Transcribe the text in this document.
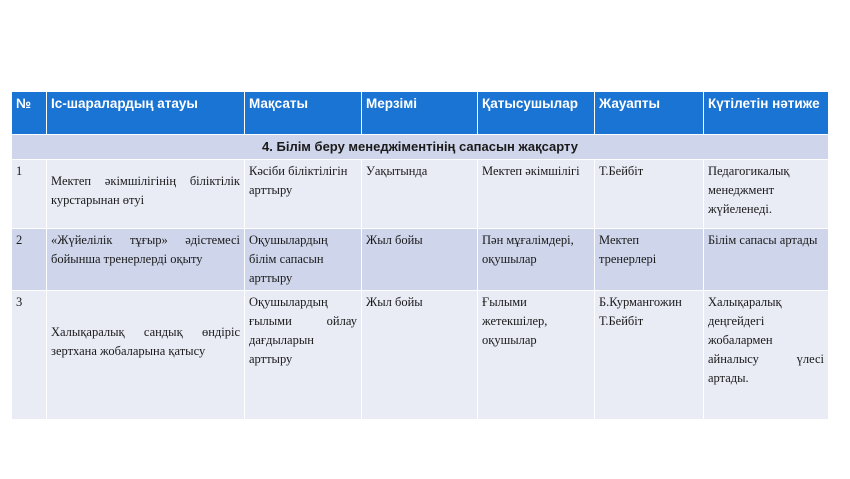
№	Іс-шаралардың атауы	Мақсаты	Мерзімі	Қатысушылар	Жауапты	Күтілетін нәтиже
4. Білім беру менеджіментінің сапасын жақсарту						
1	Мектеп әкімшілігінің біліктілік курстарынан өтуі	Кәсіби біліктілігін арттыру	Уақытында	Мектеп әкімшілігі	Т.Бейбіт	Педагогикалық менеджмент жүйеленеді.
2	«Жүйелілік тұғыр» әдістемесі бойынша тренерлерді оқыту	Оқушылардың білім сапасын арттыру	Жыл бойы	Пән мұғалімдері, оқушылар	Мектеп тренерлері	Білім сапасы артады
3	Халықаралық сандық өндіріс зертхана жобаларына қатысу	Оқушылардың ғылыми ойлау дағдыларын арттыру	Жыл бойы	Ғылыми жетекшілер, оқушылар	Б.Курмангожин Т.Бейбіт	Халықаралық деңгейдегі жобалармен айналысу үлесі артады.
